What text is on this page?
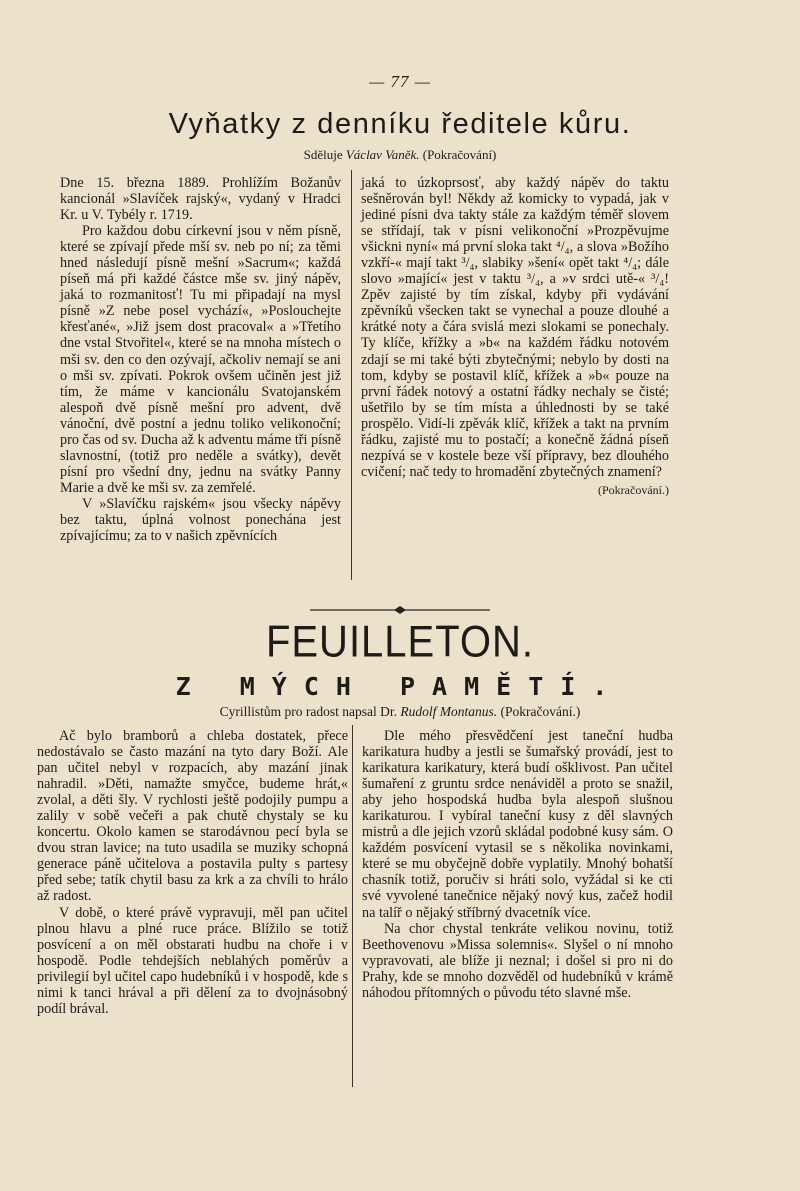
— 77 —
Vyňatky z denníku ředitele kůru.
Sděluje Václav Vaněk. (Pokračování)

Dne 15. března 1889. Prohlížím Božanův kancionál »Slavíček rajský«, vydaný v Hradci Kr. u V. Tybély r. 1719.

Pro každou dobu církevní jsou v něm písně, které se zpívají přede mší sv. neb po ní; za těmi hned následují písně mešní »Sacrum«; každá píseň má při každé částce mše sv. jiný nápěv, jaká to rozmanitosť! Tu mi připadají na mysl písně »Z nebe posel vychází«, »Poslouchejte křesťané«, »Již jsem dost pracoval« a »Třetího dne vstal Stvořitel«, které se na mnoha místech o mši sv. den co den ozývají, ačkoliv nemají se ani o mši sv. zpívati. Pokrok ovšem učiněn jest již tím, že máme v kancionálu Svatojanském alespoň dvě písně mešní pro advent, dvě vánoční, dvě postní a jednu toliko velikonoční; pro čas od sv. Ducha až k adventu máme tři písně slavnostní, (totiž pro neděle a svátky), devět písní pro všední dny, jednu na svátky Panny Marie a dvě ke mši sv. za zemřelé.

V »Slavíčku rajském« jsou všecky nápěvy bez taktu, úplná volnost ponechána jest zpívajícímu; za to v našich zpěvnících

jaká to úzkoprsosť, aby každý nápěv do taktu sešněrován byl! Někdy až komicky to vypadá, jak v jediné písni dva takty stále za každým téměř slovem se střídají, tak v písni velikonoční »Prozpěvujme všickni nyní« má první sloka takt ⁴/₄, a slova »Božího vzkří-« mají takt ³/₄, slabiky »šení« opět takt ⁴/₄; dále slovo »mající« jest v taktu ³/₄, a »v srdci utě-« ³/₄! Zpěv zajisté by tím získal, kdyby při vydávání zpěvníků všecken takt se vynechal a pouze dlouhé a krátké noty a čára svislá mezi slokami se ponechaly. Ty klíče, křížky a »b« na každém řádku notovém zdají se mi také býti zbytečnými; nebylo by dosti na tom, kdyby se postavil klíč, křížek a »b« pouze na první řádek notový a ostatní řádky nechaly se čisté; ušetřilo by se tím místa a úhlednosti by se také prospělo. Vidí-li zpěvák klíč, křížek a takt na prvním řádku, zajisté mu to postačí; a konečně žádná píseň nezpívá se v kostele beze vší přípravy, bez dlouhého cvičení; nač tedy to hromadění zbytečných znamení?

(Pokračování.)
FEUILLETON.
Z MÝCH PAMĚTÍ.
Cyrillistům pro radost napsal Dr. Rudolf Montanus. (Pokračování.)

Ač bylo bramborů a chleba dostatek, přece nedostávalo se často mazání na tyto dary Boží. Ale pan učitel nebyl v rozpacích, aby mazání jinak nahradil. »Děti, namažte smyčce, budeme hrát,« zvolal, a děti šly. V rychlosti ještě podojily pumpu a zalily v sobě večeři a pak chutě chystaly se ku koncertu. Okolo kamen se starodávnou pecí byla se dvou stran lavice; na tuto usadila se muziky schopná generace páně učitelova a postavila pulty s partesy před sebe; tatík chytil basu za krk a za chvíli to hrálo až radost.

V době, o které právě vypravuji, měl pan učitel plnou hlavu a plné ruce práce. Blížilo se totiž posvícení a on měl obstarati hudbu na choře i v hospodě. Podle tehdejších neblahých poměrův a privilegií byl učitel capo hudebníků i v hospodě, kde s nimi k tanci hrával a při dělení za to dvojnásobný podíl brával.

Dle mého přesvědčení jest taneční hudba karikatura hudby a jestli se šumařský provádí, jest to karikatura karikatury, která budí ošklivost. Pan učitel šumaření z gruntu srdce nenáviděl a proto se snažil, aby jeho hospodská hudba byla alespoň slušnou karikaturou. I vybíral taneční kusy z děl slavných mistrů a dle jejich vzorů skládal podobné kusy sám. O každém posvícení vytasil se s několika novinkami, které se mu obyčejně dobře vyplatily. Mnohý bohatší chasník totiž, poručiv si hráti solo, vyžádal si ke cti své vyvolené tanečnice nějaký nový kus, začež hodil na talíř o nějaký stříbrný dvacetník více.

Na chor chystal tenkráte velikou novinu, totiž Beethovenovu »Missa solemnis«. Slyšel o ní mnoho vypravovati, ale blíže ji neznal; i došel si pro ni do Prahy, kde se mnoho dozvěděl od hudebníků v krámě náhodou přítomných o původu této slavné mše.
